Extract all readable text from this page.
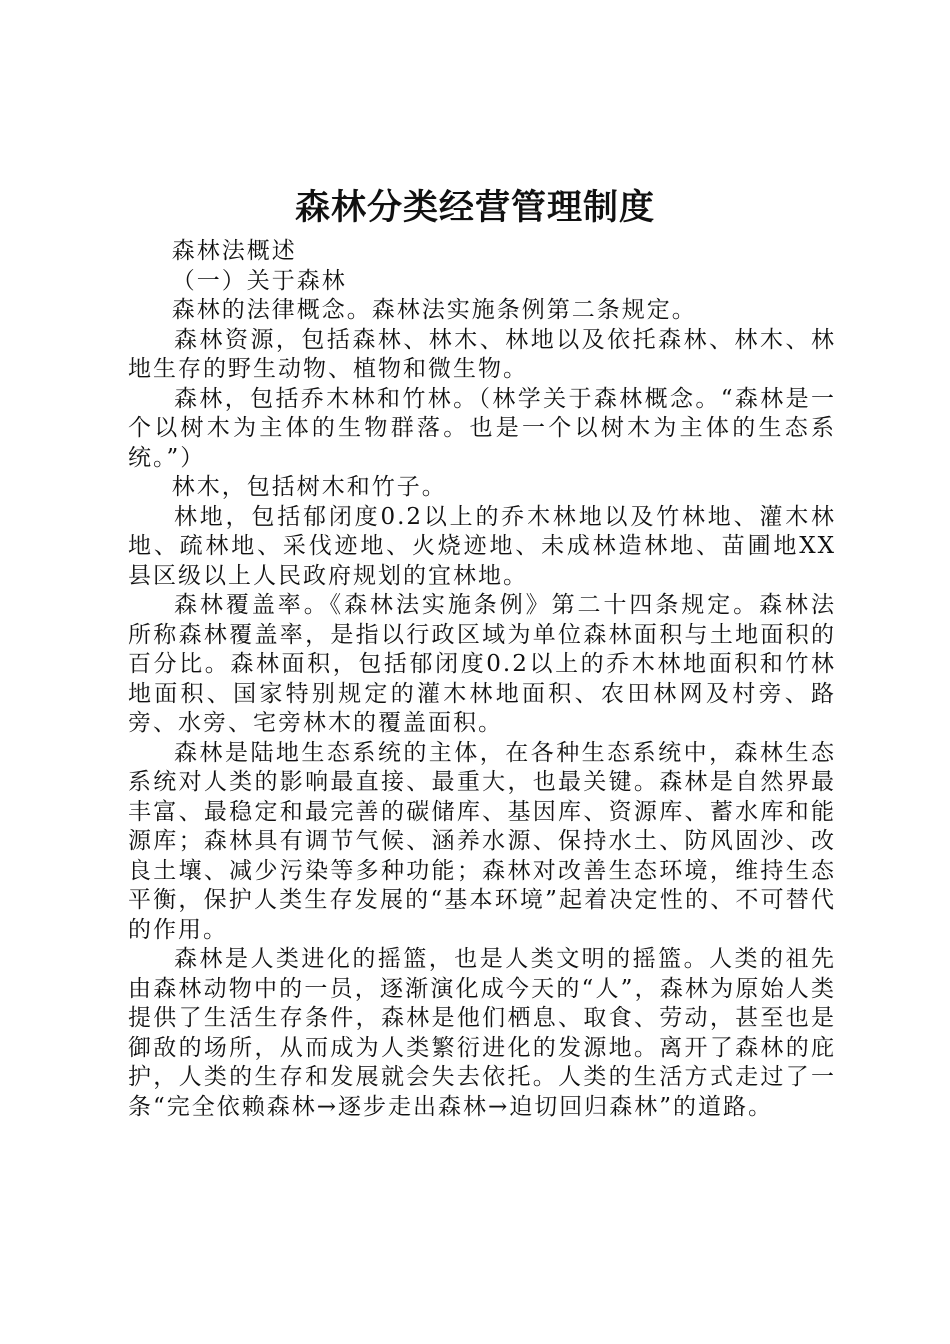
森林分类经营管理制度

森林法概述

（一）关于森林

森林的法律概念。森林法实施条例第二条规定。

森林资源，包括森林、林木、林地以及依托森林、林木、林地生存的野生动物、植物和微生物。

森林，包括乔木林和竹林。（林学关于森林概念。“森林是一个以树木为主体的生物群落。也是一个以树木为主体的生态系统。”）

林木，包括树木和竹子。

林地，包括郁闭度0.2以上的乔木林地以及竹林地、灌木林地、疏林地、采伐迹地、火烧迹地、未成林造林地、苗圃地XX县区级以上人民政府规划的宜林地。

森林覆盖率。《森林法实施条例》第二十四条规定。森林法所称森林覆盖率，是指以行政区域为单位森林面积与土地面积的百分比。森林面积，包括郁闭度0.2以上的乔木林地面积和竹林地面积、国家特别规定的灌木林地面积、农田林网及村旁、路旁、水旁、宅旁林木的覆盖面积。

森林是陆地生态系统的主体，在各种生态系统中，森林生态系统对人类的影响最直接、最重大，也最关键。森林是自然界最丰富、最稳定和最完善的碳储库、基因库、资源库、蓄水库和能源库；森林具有调节气候、涵养水源、保持水土、防风固沙、改良土壤、减少污染等多种功能；森林对改善生态环境，维持生态平衡，保护人类生存发展的“基本环境”起着决定性的、不可替代的作用。

森林是人类进化的摇篮，也是人类文明的摇篮。人类的祖先由森林动物中的一员，逐渐演化成今天的“人”，森林为原始人类提供了生活生存条件，森林是他们栖息、取食、劳动，甚至也是御敌的场所，从而成为人类繁衍进化的发源地。离开了森林的庇护，人类的生存和发展就会失去依托。人类的生活方式走过了一条“完全依赖森林→逐步走出森林→迫切回归森林”的道路。
